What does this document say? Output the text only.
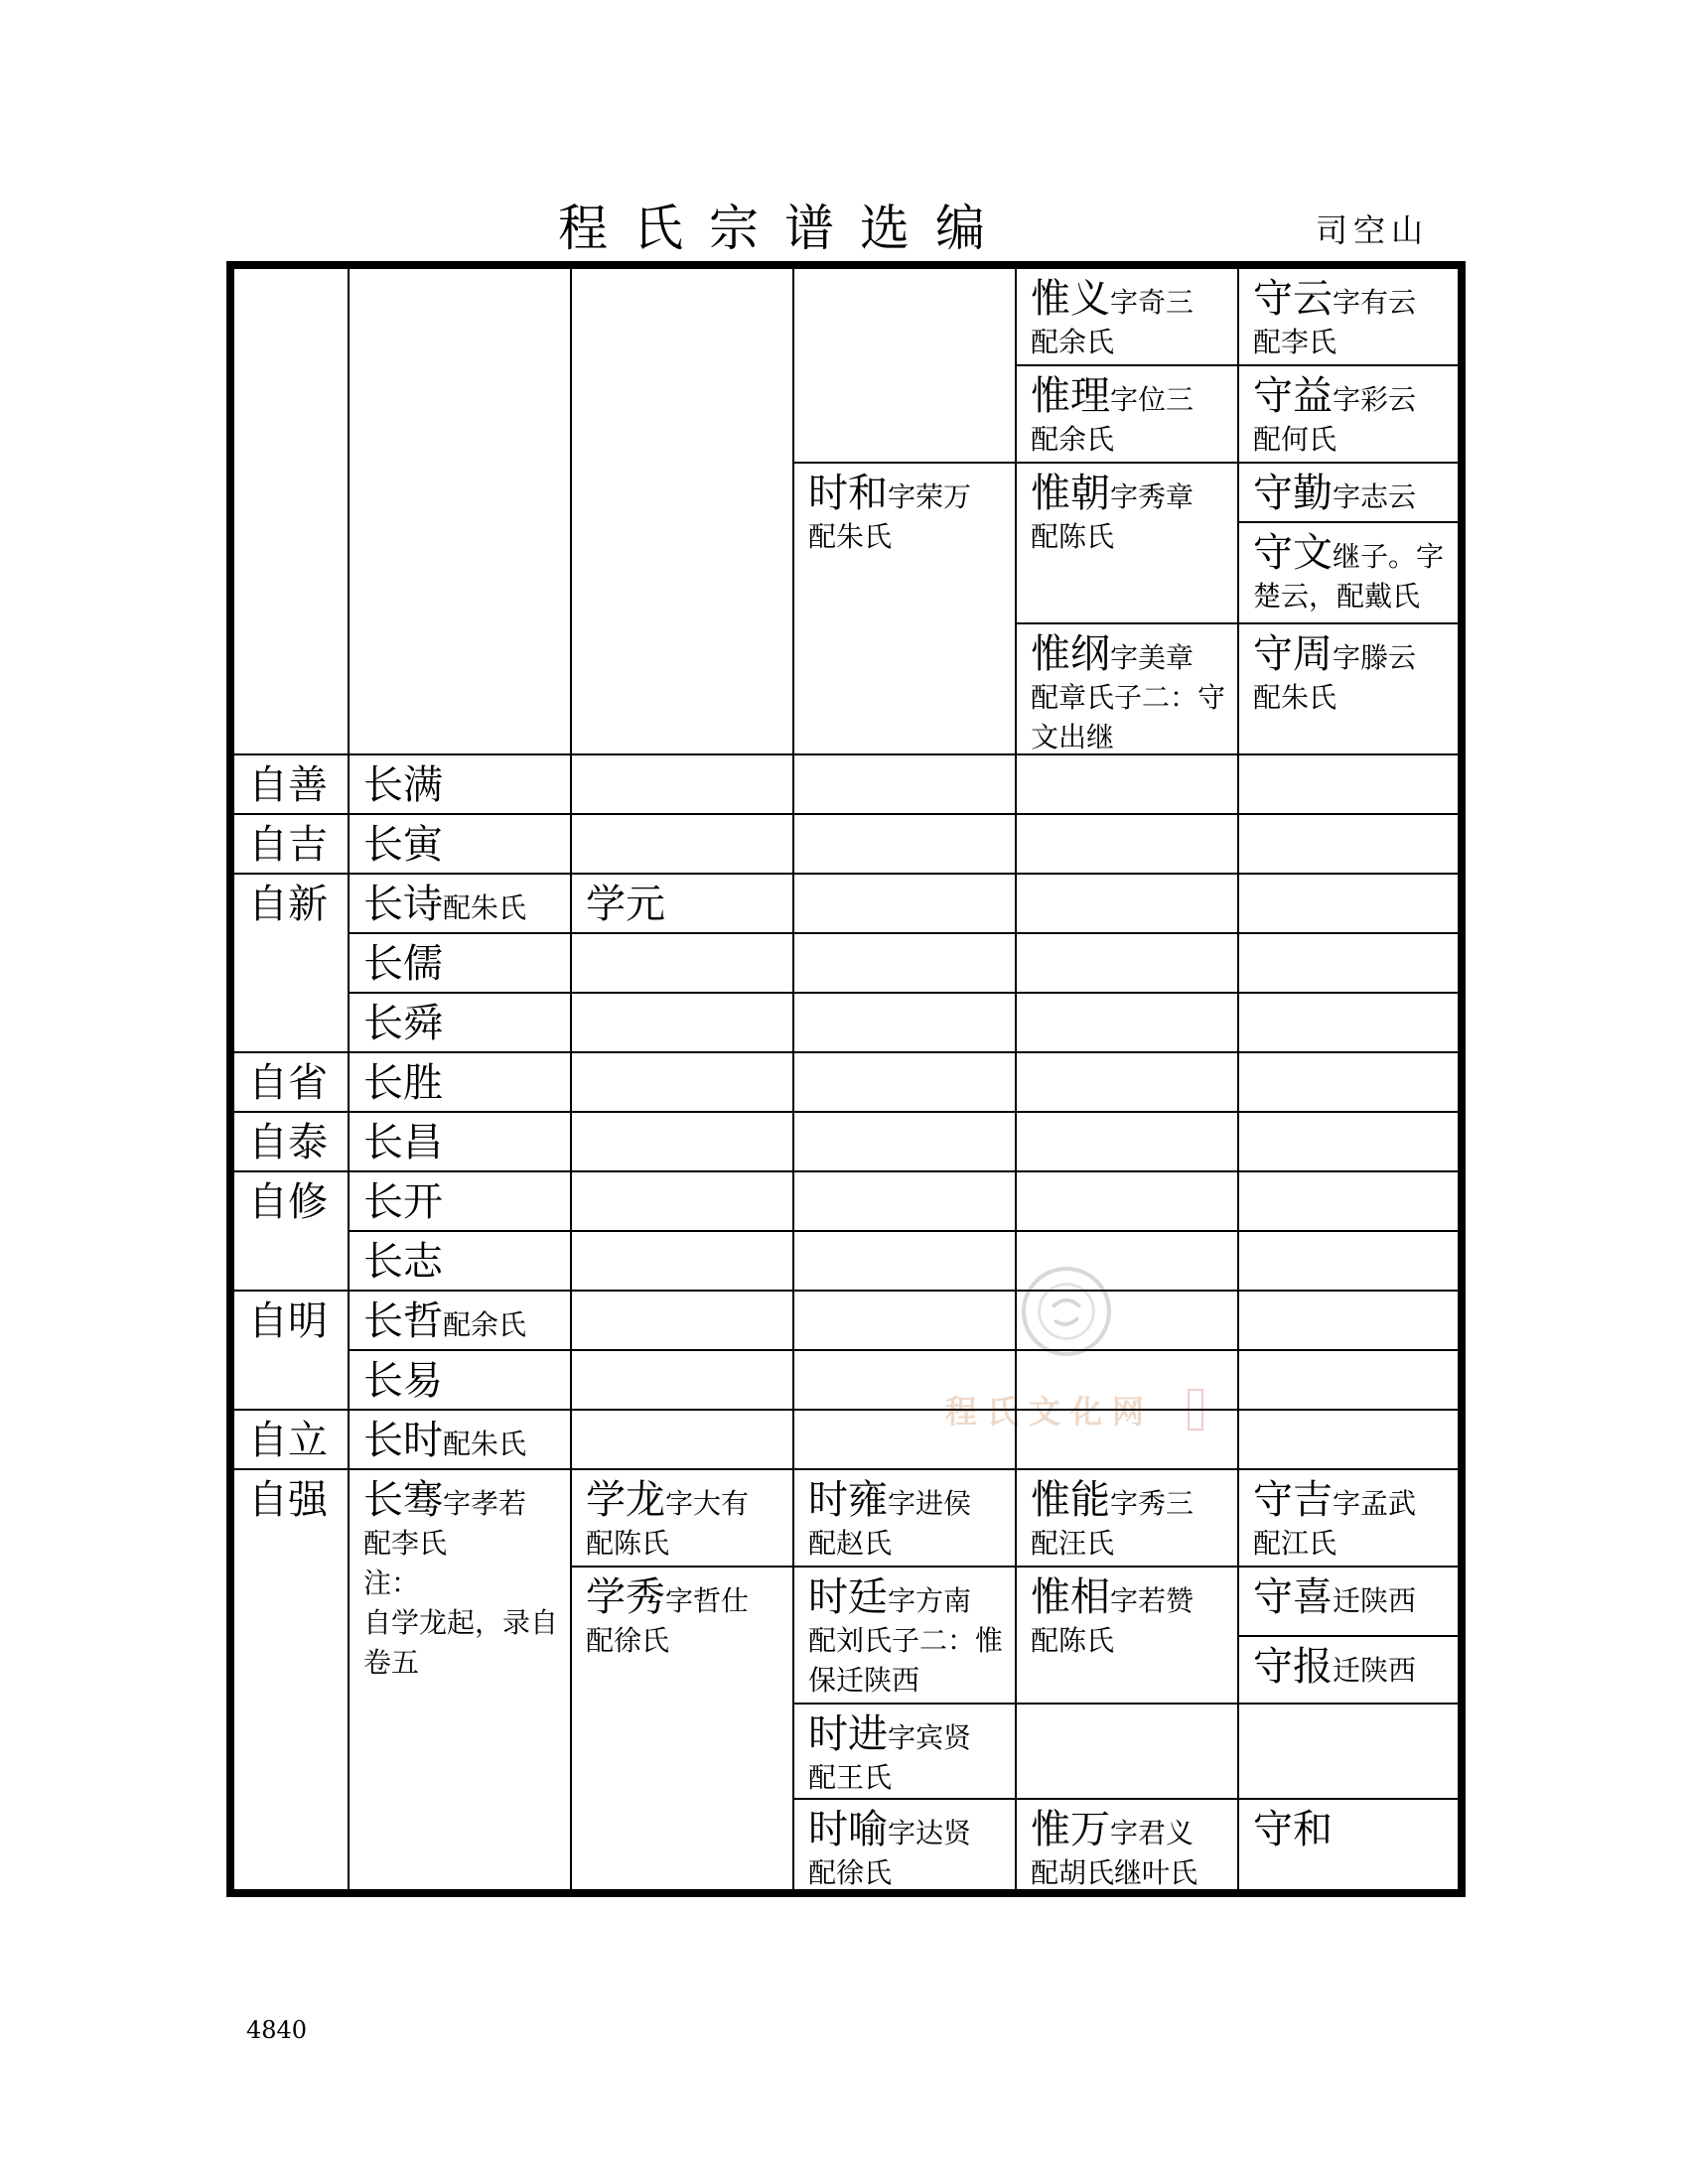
程氏宗谱选编	司空山
程氏文化网
惟义字奇三
配余氏
守云字有云
配李氏
惟理字位三
配余氏
守益字彩云
配何氏
时和字荣万
配朱氏
惟朝字秀章
配陈氏
守勤字志云
守文继子。字
楚云，配戴氏
惟纲字美章
配章氏子二：守
文出继
守周字滕云
配朱氏
自善 长满
自吉 长寅
自新 长诗配朱氏	学元
长儒
长舜
自省 长胜
自泰 长昌
自修 长开
长志
自明 长哲配余氏
长易
自立 长时配朱氏
自强 长骞字孝若
配李氏
注：
自学龙起，录自
卷五
学龙字大有
配陈氏
学秀字哲仕
配徐氏
时雍字进侯
配赵氏
时廷字方南
配刘氏子二：惟
保迁陕西
时进字宾贤
配王氏
时喻字达贤
配徐氏
惟能字秀三
配汪氏
惟相字若赞
配陈氏
惟万字君义
配胡氏继叶氏
守吉字孟武
配江氏
守喜迁陕西
守报迁陕西
守和
4840
